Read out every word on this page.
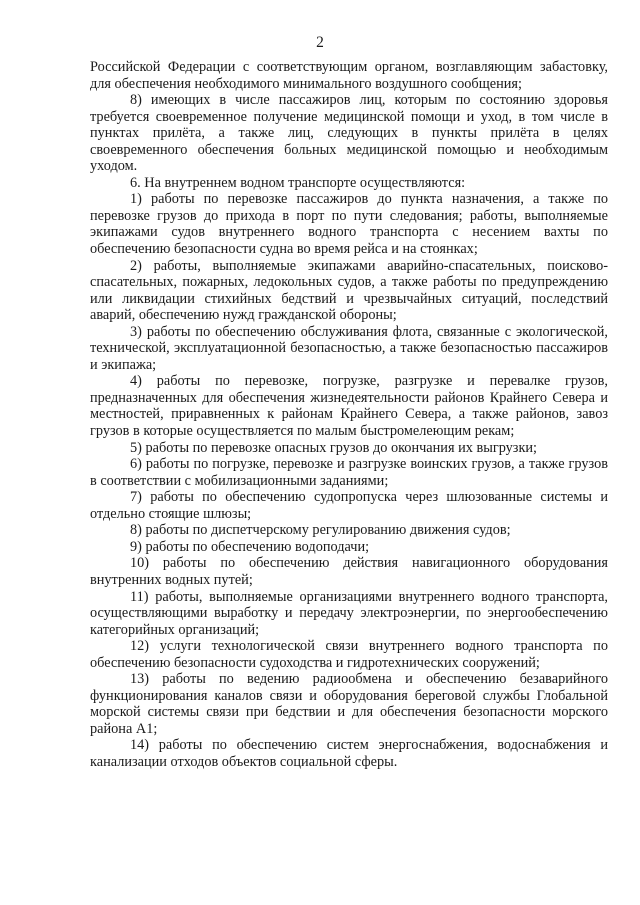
2

Российской Федерации с соответствующим органом, возглавляющим забастовку, для обеспечения необходимого минимального воздушного сообщения;

8) имеющих в числе пассажиров лиц, которым по состоянию здоровья требуется своевременное получение медицинской помощи и уход, в том числе в пунктах прилёта, а также лиц, следующих в пункты прилёта в целях своевременного обеспечения больных медицинской помощью и необходимым уходом.

6. На внутреннем водном транспорте осуществляются:

1) работы по перевозке пассажиров до пункта назначения, а также по перевозке грузов до прихода в порт по пути следования; работы, выполняемые экипажами судов внутреннего водного транспорта с несением вахты по обеспечению безопасности судна во время рейса и на стоянках;

2) работы, выполняемые экипажами аварийно-спасательных, поисково-спасательных, пожарных, ледокольных судов, а также работы по предупреждению или ликвидации стихийных бедствий и чрезвычайных ситуаций, последствий аварий, обеспечению нужд гражданской обороны;

3) работы по обеспечению обслуживания флота, связанные с экологической, технической, эксплуатационной безопасностью, а также безопасностью пассажиров и экипажа;

4) работы по перевозке, погрузке, разгрузке и перевалке грузов, предназначенных для обеспечения жизнедеятельности районов Крайнего Севера и местностей, приравненных к районам Крайнего Севера, а также районов, завоз грузов в которые осуществляется по малым быстромелеющим рекам;

5) работы по перевозке опасных грузов до окончания их выгрузки;

6) работы по погрузке, перевозке и разгрузке воинских грузов, а также грузов в соответствии с мобилизационными заданиями;

7) работы по обеспечению судопропуска через шлюзованные системы и отдельно стоящие шлюзы;

8) работы по диспетчерскому регулированию движения судов;

9) работы по обеспечению водоподачи;

10) работы по обеспечению действия навигационного оборудования внутренних водных путей;

11) работы, выполняемые организациями внутреннего водного транспорта, осуществляющими выработку и передачу электроэнергии, по энергообеспечению категорийных организаций;

12) услуги технологической связи внутреннего водного транспорта по обеспечению безопасности судоходства и гидротехнических сооружений;

13) работы по ведению радиообмена и обеспечению безаварийного функционирования каналов связи и оборудования береговой службы Глобальной морской системы связи при бедствии и для обеспечения безопасности морского района А1;

14) работы по обеспечению систем энергоснабжения, водоснабжения и канализации отходов объектов социальной сферы.
